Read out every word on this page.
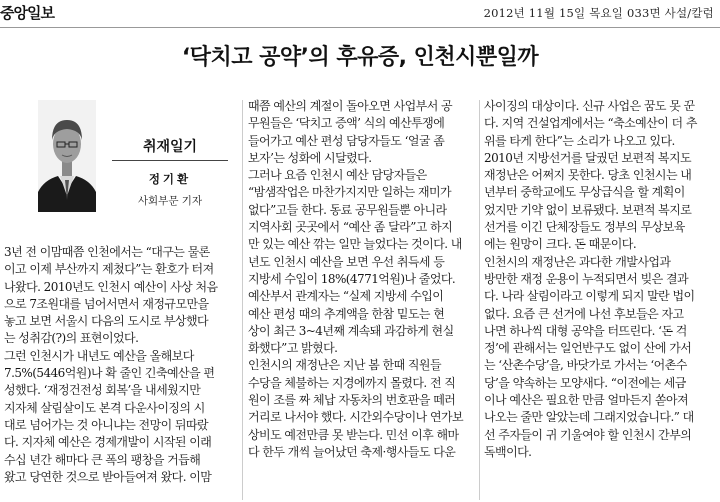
중앙일보	2012년 11월 15일 목요일 033면 사설/칼럼
‘닥치고 공약’의 후유증, 인천시뿐일까
취재일기
정기환
사회부문 기자
3년 전 이맘때쯤 인천에서는 “대구는 물론
이고 이제 부산까지 제쳤다”는 환호가 터져
나왔다. 2010년도 인천시 예산이 사상 처음
으로 7조원대를 넘어서면서 재정규모만을
놓고 보면 서울시 다음의 도시로 부상했다
는 성취감(?)의 표현이었다.
그런 인천시가 내년도 예산을 올해보다
7.5%(5446억원)나 확 줄인 긴축예산을 편
성했다. ‘재정건전성 회복’을 내세웠지만
지자체 살림살이도 본격 다운사이징의 시
대로 넘어가는 것 아니냐는 전망이 뒤따랐
다. 지자체 예산은 경제개발이 시작된 이래
수십 년간 해마다 큰 폭의 팽창을 거듭해
왔고 당연한 것으로 받아들여져 왔다. 이맘
때쯤 예산의 계절이 돌아오면 사업부서 공
무원들은 ‘닥치고 증액’ 식의 예산투쟁에
들어가고 예산 편성 담당자들도 ‘얼굴 좀
보자’는 성화에 시달렸다.
그러나 요즘 인천시 예산 담당자들은
“밤샘작업은 마찬가지지만 일하는 재미가
없다”고들 한다. 동료 공무원들뿐 아니라
지역사회 곳곳에서 “예산 좀 달라”고 하지
만 있는 예산 깎는 일만 늘었다는 것이다. 내
년도 인천시 예산을 보면 우선 취득세 등
지방세 수입이 18%(4771억원)나 줄었다.
예산부서 관계자는 “실제 지방세 수입이
예산 편성 때의 추계액을 한참 밑도는 현
상이 최근 3~4년째 계속돼 과감하게 현실
화했다”고 밝혔다.
인천시의 재정난은 지난 봄 한때 직원들
수당을 체불하는 지경에까지 몰렸다. 전 직
원이 조를 짜 체납 자동차의 번호판을 떼러
거리로 나서야 했다. 시간외수당이나 연가보
상비도 예전만큼 못 받는다. 민선 이후 해마
다 한두 개씩 늘어났던 축제·행사들도 다운
사이징의 대상이다. 신규 사업은 꿈도 못 꾼
다. 지역 건설업계에서는 “축소예산이 더 추
위를 타게 한다”는 소리가 나오고 있다.
2010년 지방선거를 달궜던 보편적 복지도
재정난은 어쩌지 못한다. 당초 인천시는 내
년부터 중학교에도 무상급식을 할 계획이
었지만 기약 없이 보류됐다. 보편적 복지로
선거를 이긴 단체장들도 정부의 무상보육
에는 원망이 크다. 돈 때문이다.
인천시의 재정난은 과다한 개발사업과
방만한 재정 운용이 누적되면서 빚은 결과
다. 나라 살림이라고 이렇게 되지 말란 법이
없다. 요즘 큰 선거에 나선 후보들은 자고
나면 하나씩 대형 공약을 터뜨린다. ‘돈 걱
정’에 관해서는 일언반구도 없이 산에 가서
는 ‘산촌수당’을, 바닷가로 가서는 ‘어촌수
당’을 약속하는 모양새다. “이전에는 세금
이나 예산은 필요한 만큼 얼마든지 쏟아져
나오는 줄만 알았는데 그래지었습니다.” 대
선 주자들이 귀 기울여야 할 인천시 간부의
독백이다.
